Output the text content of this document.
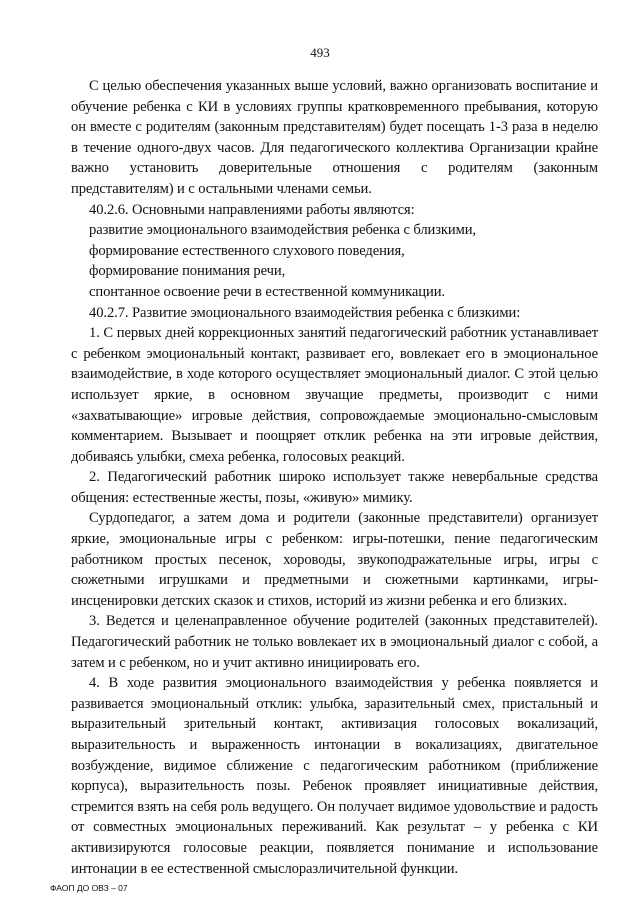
493

С целью обеспечения указанных выше условий, важно организовать воспитание и обучение ребенка с КИ в условиях группы кратковременного пребывания, которую он вместе с родителям (законным представителям) будет посещать 1-3 раза в неделю в течение одного-двух часов. Для педагогического коллектива Организации крайне важно установить доверительные отношения с родителям (законным представителям) и с остальными членами семьи.

40.2.6. Основными направлениями работы являются:

развитие эмоционального взаимодействия ребенка с близкими,

формирование естественного слухового поведения,

формирование понимания речи,

спонтанное освоение речи в естественной коммуникации.

40.2.7. Развитие эмоционального взаимодействия ребенка с близкими:

1. С первых дней коррекционных занятий педагогический работник устанавливает с ребенком эмоциональный контакт, развивает его, вовлекает его в эмоциональное взаимодействие, в ходе которого осуществляет эмоциональный диалог. С этой целью использует яркие, в основном звучащие предметы, производит с ними «захватывающие» игровые действия, сопровождаемые эмоционально-смысловым комментарием. Вызывает и поощряет отклик ребенка на эти игровые действия, добиваясь улыбки, смеха ребенка, голосовых реакций.

2. Педагогический работник широко использует также невербальные средства общения: естественные жесты, позы, «живую» мимику.

Сурдопедагог, а затем дома и родители (законные представители) организует яркие, эмоциональные игры с ребенком: игры-потешки, пение педагогическим работником простых песенок, хороводы, звукоподражательные игры, игры с сюжетными игрушками и предметными и сюжетными картинками, игры-инсценировки детских сказок и стихов, историй из жизни ребенка и его близких.

3. Ведется и целенаправленное обучение родителей (законных представителей). Педагогический работник не только вовлекает их в эмоциональный диалог с собой, а затем и с ребенком, но и учит активно инициировать его.

4. В ходе развития эмоционального взаимодействия у ребенка появляется и развивается эмоциональный отклик: улыбка, заразительный смех, пристальный и выразительный зрительный контакт, активизация голосовых вокализаций, выразительность и выраженность интонации в вокализациях, двигательное возбуждение, видимое сближение с педагогическим работником (приближение корпуса), выразительность позы. Ребенок проявляет инициативные действия, стремится взять на себя роль ведущего. Он получает видимое удовольствие и радость от совместных эмоциональных переживаний. Как результат – у ребенка с КИ активизируются голосовые реакции, появляется понимание и использование интонации в ее естественной смыслоразличительной функции.

ФАОП ДО ОВЗ – 07
